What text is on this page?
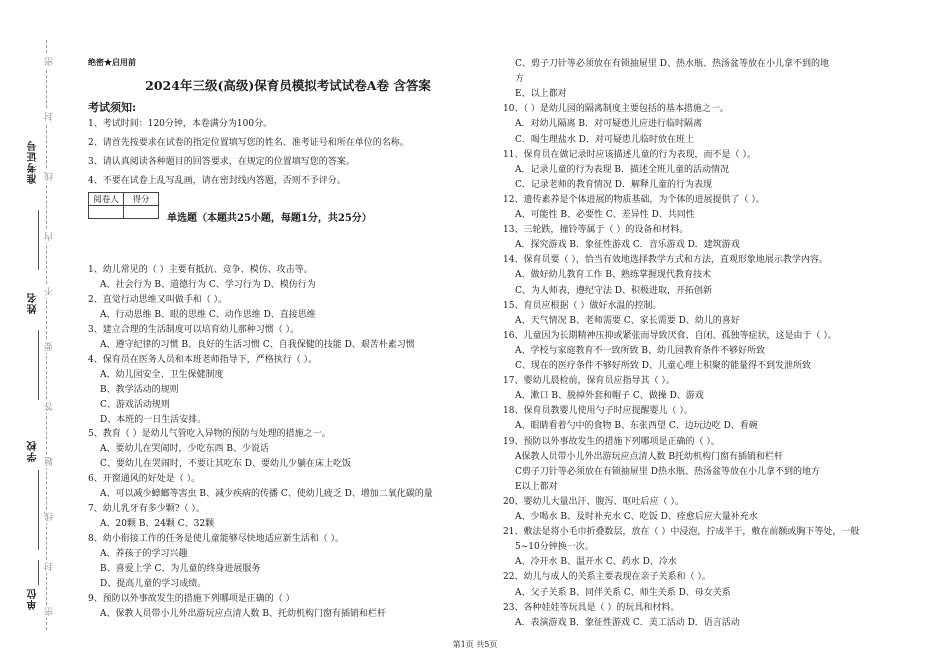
准考证号
姓名
学校
单位
密
封
线
内
不
要
答
题
线
封
密
绝密★启用前
2024年三级(高级)保育员模拟考试试卷A卷 含答案
考试须知:
1、考试时间：120分钟，本卷满分为100分。
2、请首先按要求在试卷的指定位置填写您的姓名、准考证号和所在单位的名称。
3、请认真阅读各种题目的回答要求，在规定的位置填写您的答案。
4、不要在试卷上乱写乱画，请在密封线内答题，否则不予评分。
阅卷人	得分

单选题（本题共25小题，每题1分，共25分）
1、幼儿常见的（ ）主要有抵抗、竞争、模仿、攻击等。
A、社会行为 B、道德行为 C、学习行为 D、模仿行为
2、直觉行动思维又叫做手和（ ）。
A、行动思维 B、眼的思维 C、动作思维 D、直接思维
3、建立合理的生活制度可以培育幼儿那种习惯（ ）。
A、遵守纪律的习惯 B、良好的生活习惯 C、自我保健的技能 D、艰苦朴素习惯
4、保育员在医务人员和本班老师指导下，严格执行（ ）。
A、幼儿园安全、卫生保健制度
B、教学活动的规则
C、游戏活动规则
D、本班的一日生活安排。
5、教育（ ）是幼儿气管吃入异物的预防与处理的措施之一。
A、要幼儿在哭闹时，少吃东西 B、少说话
C、要幼儿在哭闹时，不要让其吃东 D、要幼儿少躺在床上吃饭
6、开窗通风的好处是（ ）。
A、可以减少蟑螂等害虫 B、减少疾病的传播 C、使幼儿疲乏 D、增加二氧化碳的量
7、幼儿乳牙有多少颗?（ ）。
A、20颗 B、24颗 C、32颗
8、幼小衔接工作的任务是使儿童能够尽快地适应新生活和（ ）。
A、养孩子的学习兴趣
B、喜爱上学 C、为儿童的终身进展服务
D、提高儿童的学习成绩。
9、预防以外事故发生的措施下列哪项是正确的（ ）
A、保教人员带小儿外出游玩应点清人数 B、托幼机构门窗有插销和栏杆
C、剪子刀针等必须放在有锁抽屉里 D、热水瓶、热汤盆等放在小儿拿不到的地
方
E、以上都对
10、（ ）是幼儿园的隔离制度主要包括的基本措施之一。
A．对幼儿隔离 B．对可疑患儿应进行临时隔离
C．喝生理盐水 D．对可疑患儿临时放在班上
11、保育员在做记录时应该描述儿童的行为表现，而不是（ ）。
A．记录儿童的行为表现 B．描述全班儿童的活动情况
C．记录老师的教育情况 D．解释儿童的行为表现
12、遗传素养是个体进展的物质基础，为个体的进展提供了（ ）。
A、可能性 B、必要性 C、差异性 D、共同性
13、三轮跌，撞铃等属于（ ）的设备和材料。
A．探究游戏 B．象征性游戏 C．音乐游戏 D．建筑游戏
14、保育员要（ ），恰当有效地选择教学方式和方法，直观形象地展示教学内容。
A、做好幼儿教育工作 B、熟练掌握现代教育技术
C、为人师表，遵纪守法 D、积极进取，开拓创新
15、育员应根据（ ）做好水温的控制。
A、天气情况 B、老师需要 C、家长需要 D、幼儿的喜好
16、儿童因为长期精神压抑或紧张而导致厌食、自闭、孤独等症状，这是由于（ ）。
A、学校与家庭教育不一致所致 B、幼儿园教育条件不够好所致
C、现在的医疗条件不够好所致 D、儿童心理上积聚的能量得不到发泄所致
17、婴幼儿晨检前，保育员应指导其（ ）。
A、漱口 B、脱掉外套和帽子 C、做操 D、游戏
18、保育员教婴儿使用勺子时应提醒婴儿（ ）。
A、眼睛看着勺中的食物 B、东张西望 C、边玩边吃 D、看碗
19、预防以外事故发生的措施下列哪项是正确的（ ）。
A保教人员带小儿外出游玩应点清人数 B托幼机构门窗有插销和栏杆
C剪子刀针等必须放在有锁抽屉里 D热水瓶、热汤盆等放在小儿拿不到的地方
E以上都对
20、婴幼儿大量出汗、腹泻、呕吐后应（ ）。
A、少喝水 B、及时补充水 C、吃饭 D、痊愈后应大量补充水
21、敷法是将小毛巾折叠数层，放在（ ）中浸泡，拧成半干，敷在前额或胸下等处，一般
5~10分钟换一次。
A、冷开水 B、温开水 C、药水 D、冷水
22、幼儿与成人的关系主要表现在亲子关系和（ ）。
A、父子关系 B、同伴关系 C、师生关系 D、母女关系
23、各种娃娃等玩具是（ ）的玩具和材料。
A．表演游戏 B．象征性游戏 C．美工活动 D．语言活动
第1页 共5页
